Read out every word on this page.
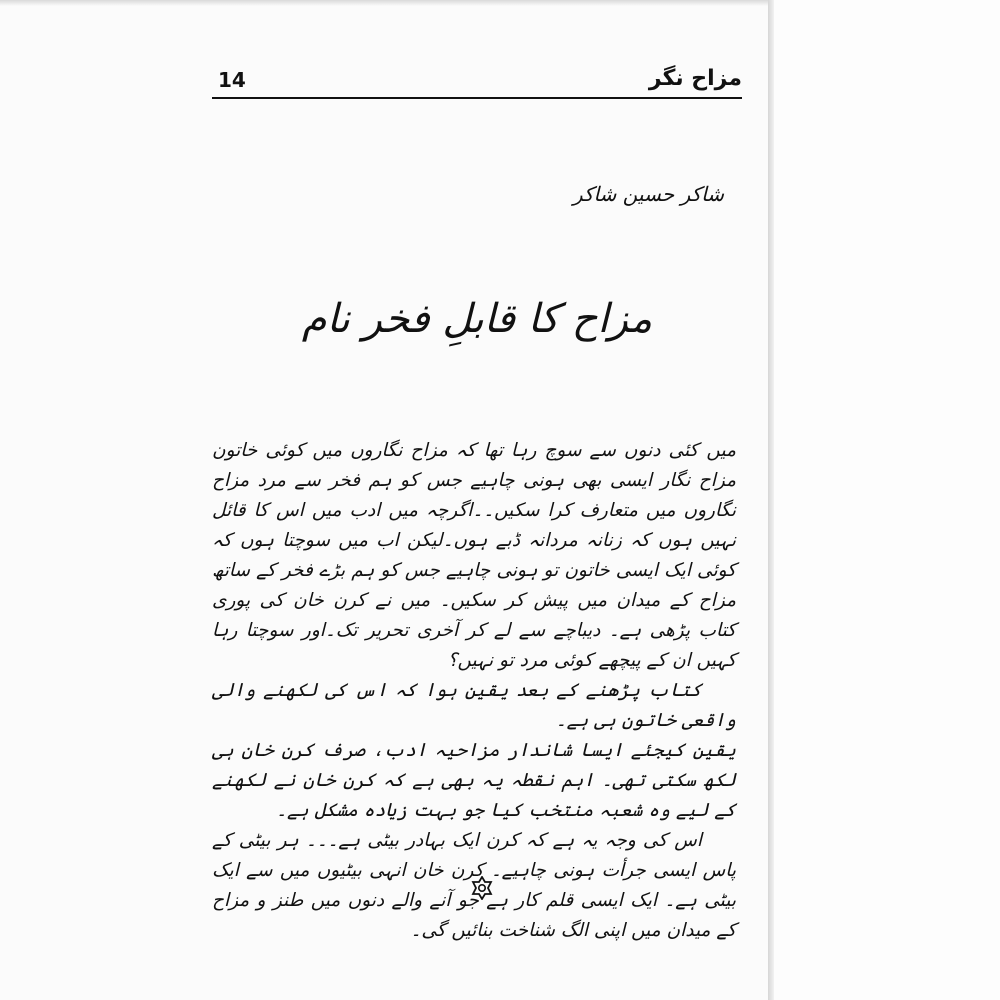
14	مزاح نگر
شاکر حسین شاکر
مزاح کا قابلِ فخر نام

میں کئی دنوں سے سوچ رہا تھا کہ مزاح نگاروں میں کوئی خاتون مزاح نگار ایسی بھی ہونی چاہیے جس کو ہم فخر سے مرد مزاح نگاروں میں متعارف کرا سکیں۔۔اگرچہ میں ادب میں اس کا قائل نہیں ہوں کہ زنانہ مردانہ ڈبے ہوں۔لیکن اب میں سوچتا ہوں کہ کوئی ایک ایسی خاتون تو ہونی چاہیے جس کو ہم بڑے فخر کے ساتھ مزاح کے میدان میں پیش کر سکیں۔ میں نے کرن خان کی پوری کتاب پڑھی ہے۔ دیباچے سے لے کر آخری تحریر تک۔اور سوچتا رہا کہیں ان کے پیچھے کوئی مرد تو نہیں؟

کتاب پڑھنے کے بعد یقین ہوا کہ اس کی لکھنے والی واقعی خاتون ہی ہے۔

یقین کیجئے ایسا شاندار مزاحیہ ادب، صرف کرن خان ہی لکھ سکتی تھی۔ اہم نقطہ یہ بھی ہے کہ کرن خان نے لکھنے کے لیے وہ شعبہ منتخب کیا جو بہت زیادہ مشکل ہے۔

اس کی وجہ یہ ہے کہ کرن ایک بہادر بیٹی ہے۔۔۔ ہر بیٹی کے پاس ایسی جرأت ہونی چاہیے۔ کرن خان انہی بیٹیوں میں سے ایک بیٹی ہے۔ ایک ایسی قلم کار ہے جو آنے والے دنوں میں طنز و مزاح کے میدان میں اپنی الگ شناخت بنائیں گی۔
